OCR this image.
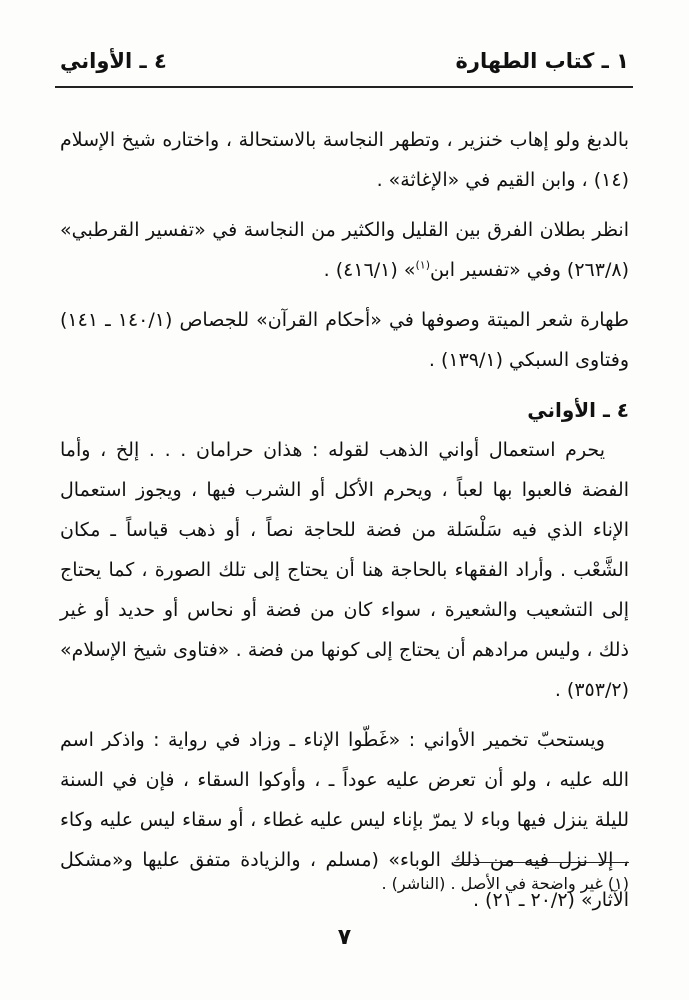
١ ـ كتاب الطهارة
٤ ـ الأواني

بالدبغ ولو إهاب خنزير ، وتطهر النجاسة بالاستحالة ، واختاره شيخ الإسلام (١٤) ، وابن القيم في «الإغاثة» .

انظر بطلان الفرق بين القليل والكثير من النجاسة في «تفسير القرطبي» (٢٦٣/٨) وفي «تفسير ابن$^{(١)}$» (٤١٦/١) .

طهارة شعر الميتة وصوفها في «أحكام القرآن» للجصاص (١٤٠/١ ـ ١٤١) وفتاوى السبكي (١٣٩/١) .

٤ ـ الأواني

يحرم استعمال أواني الذهب لقوله : هذان حرامان . . . إلخ ، وأما الفضة فالعبوا بها لعباً ، ويحرم الأكل أو الشرب فيها ، ويجوز استعمال الإناء الذي فيه سَلْسَلة من فضة للحاجة نصاً ، أو ذهب قياساً ـ مكان الشَّعْب . وأراد الفقهاء بالحاجة هنا أن يحتاج إلى تلك الصورة ، كما يحتاج إلى التشعيب والشعيرة ، سواء كان من فضة أو نحاس أو حديد أو غير ذلك ، وليس مرادهم أن يحتاج إلى كونها من فضة . «فتاوى شيخ الإسلام» (٣٥٣/٢) .

ويستحبّ تخمير الأواني : «غَطّوا الإناء ـ وزاد في رواية : واذكر اسم الله عليه ، ولو أن تعرض عليه عوداً ـ ، وأوكوا السقاء ، فإن في السنة لليلة ينزل فيها وباء لا يمرّ بإناء ليس عليه غطاء ، أو سقاء ليس عليه وكاء ، إلا نزل فيه من ذلك الوباء» (مسلم ، والزيادة متفق عليها و«مشكل الآثار» (٢٠/٢ ـ ٢١) .

(١) غير واضحة في الأصل . (الناشر) .
٧
